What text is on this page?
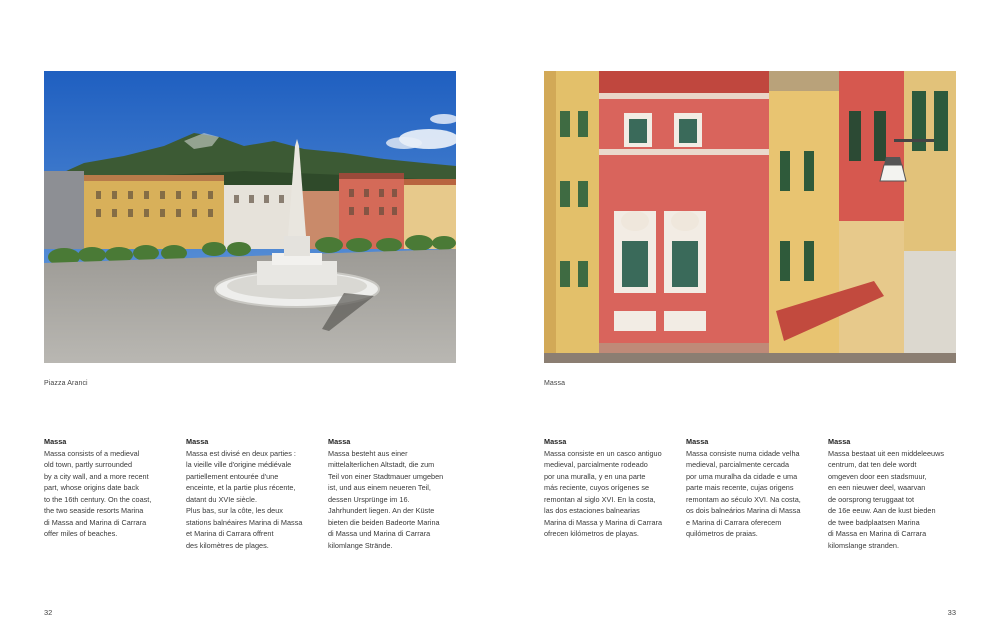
Piazza Aranci
Massa
Massa consists of a medieval
old town, partly surrounded
by a city wall, and a more recent
part, whose origins date back
to the 16th century. On the coast,
the two seaside resorts Marina
di Massa and Marina di Carrara
offer miles of beaches.
Massa
Massa est divisé en deux parties :
la vieille ville d'origine médiévale
partiellement entourée d'une
enceinte, et la partie plus récente,
datant du XVIe siècle.
Plus bas, sur la côte, les deux
stations balnéaires Marina di Massa
et Marina di Carrara offrent
des kilomètres de plages.
Massa
Massa besteht aus einer
mittelalterlichen Altstadt, die zum
Teil von einer Stadtmauer umgeben
ist, und aus einem neueren Teil,
dessen Ursprünge im 16.
Jahrhundert liegen. An der Küste
bieten die beiden Badeorte Marina
di Massa und Marina di Carrara
kilomlange Strände.
32
Massa
Massa
Massa consiste en un casco antiguo
medieval, parcialmente rodeado
por una muralla, y en una parte
más reciente, cuyos orígenes se
remontan al siglo XVI. En la costa,
las dos estaciones balnearias
Marina di Massa y Marina di Carrara
ofrecen kilómetros de playas.
Massa
Massa consiste numa cidade velha
medieval, parcialmente cercada
por uma muralha da cidade e uma
parte mais recente, cujas origens
remontam ao século XVI. Na costa,
os dois balneários Marina di Massa
e Marina di Carrara oferecem
quilómetros de praias.
Massa
Massa bestaat uit een middeleeuws
centrum, dat ten dele wordt
omgeven door een stadsmuur,
en een nieuwer deel, waarvan
de oorsprong teruggaat tot
de 16e eeuw. Aan de kust bieden
de twee badplaatsen Marina
di Massa en Marina di Carrara
kilomslange stranden.
33
